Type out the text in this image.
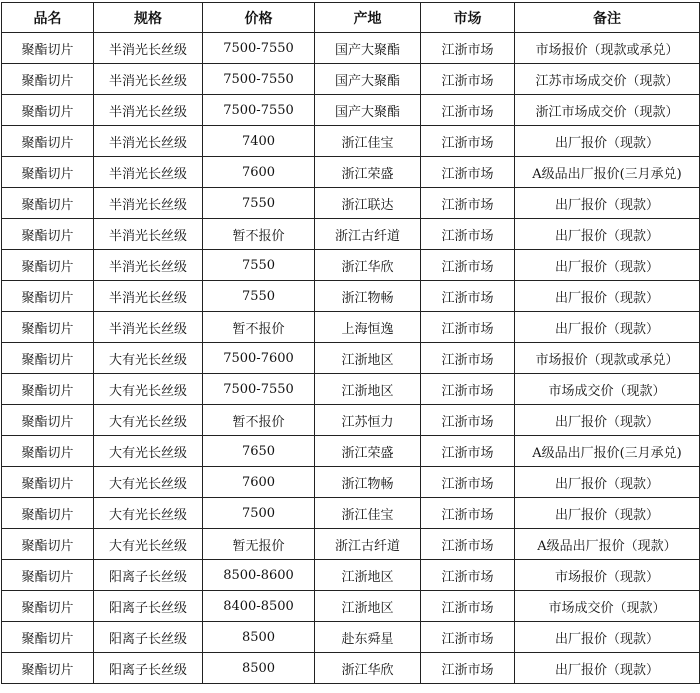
品名	规格	价格	产地	市场	备注
聚酯切片	半消光长丝级	7500-7550	国产大聚酯	江浙市场	市场报价（现款或承兑）
聚酯切片	半消光长丝级	7500-7550	国产大聚酯	江浙市场	江苏市场成交价（现款）
聚酯切片	半消光长丝级	7500-7550	国产大聚酯	江浙市场	浙江市场成交价（现款）
聚酯切片	半消光长丝级	7400	浙江佳宝	江浙市场	出厂报价（现款）
聚酯切片	半消光长丝级	7600	浙江荣盛	江浙市场	A级品出厂报价(三月承兑)
聚酯切片	半消光长丝级	7550	浙江联达	江浙市场	出厂报价（现款）
聚酯切片	半消光长丝级	暂不报价	浙江古纤道	江浙市场	出厂报价（现款）
聚酯切片	半消光长丝级	7550	浙江华欣	江浙市场	出厂报价（现款）
聚酯切片	半消光长丝级	7550	浙江物畅	江浙市场	出厂报价（现款）
聚酯切片	半消光长丝级	暂不报价	上海恒逸	江浙市场	出厂报价（现款）
聚酯切片	大有光长丝级	7500-7600	江浙地区	江浙市场	市场报价（现款或承兑）
聚酯切片	大有光长丝级	7500-7550	江浙地区	江浙市场	市场成交价（现款）
聚酯切片	大有光长丝级	暂不报价	江苏恒力	江浙市场	出厂报价（现款）
聚酯切片	大有光长丝级	7650	浙江荣盛	江浙市场	A级品出厂报价(三月承兑)
聚酯切片	大有光长丝级	7600	浙江物畅	江浙市场	出厂报价（现款）
聚酯切片	大有光长丝级	7500	浙江佳宝	江浙市场	出厂报价（现款）
聚酯切片	大有光长丝级	暂无报价	浙江古纤道	江浙市场	A级品出厂报价（现款）
聚酯切片	阳离子长丝级	8500-8600	江浙地区	江浙市场	市场报价（现款）
聚酯切片	阳离子长丝级	8400-8500	江浙地区	江浙市场	市场成交价（现款）
聚酯切片	阳离子长丝级	8500	赴东舜星	江浙市场	出厂报价（现款）
聚酯切片	阳离子长丝级	8500	浙江华欣	江浙市场	出厂报价（现款）
